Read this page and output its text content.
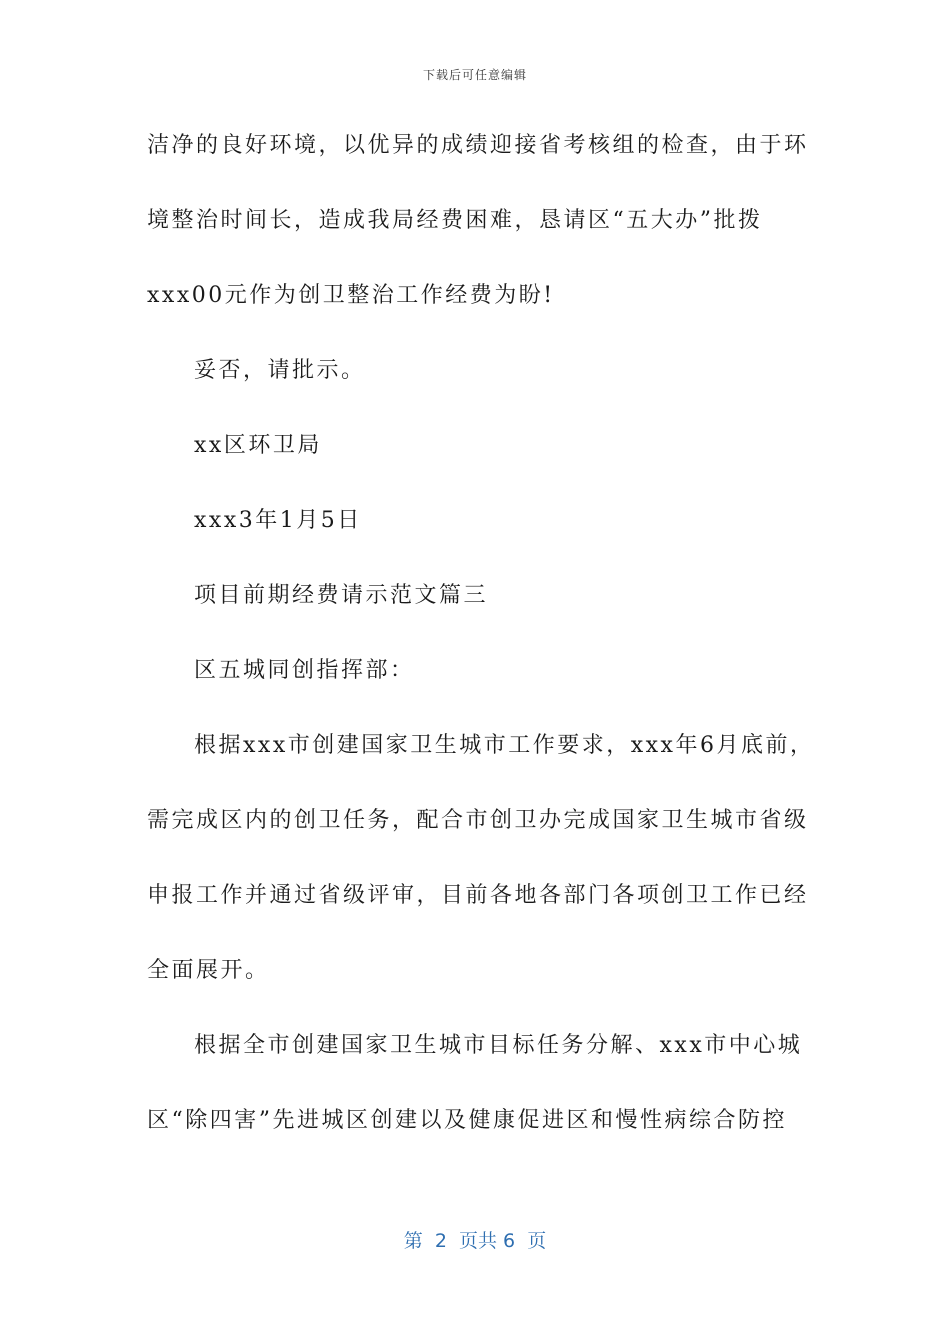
下载后可任意编辑
洁净的良好环境，以优异的成绩迎接省考核组的检查，由于环
境整治时间长，造成我局经费困难，恳请区“五大办”批拨
xxx00元作为创卫整治工作经费为盼!
妥否，请批示。
xx区环卫局
xxx3年1月5日
项目前期经费请示范文篇三
区五城同创指挥部：
根据xxx市创建国家卫生城市工作要求，xxx年6月底前，
需完成区内的创卫任务，配合市创卫办完成国家卫生城市省级
申报工作并通过省级评审，目前各地各部门各项创卫工作已经
全面展开。
根据全市创建国家卫生城市目标任务分解、xxx市中心城
区“除四害”先进城区创建以及健康促进区和慢性病综合防控
第  2  页共 6  页
